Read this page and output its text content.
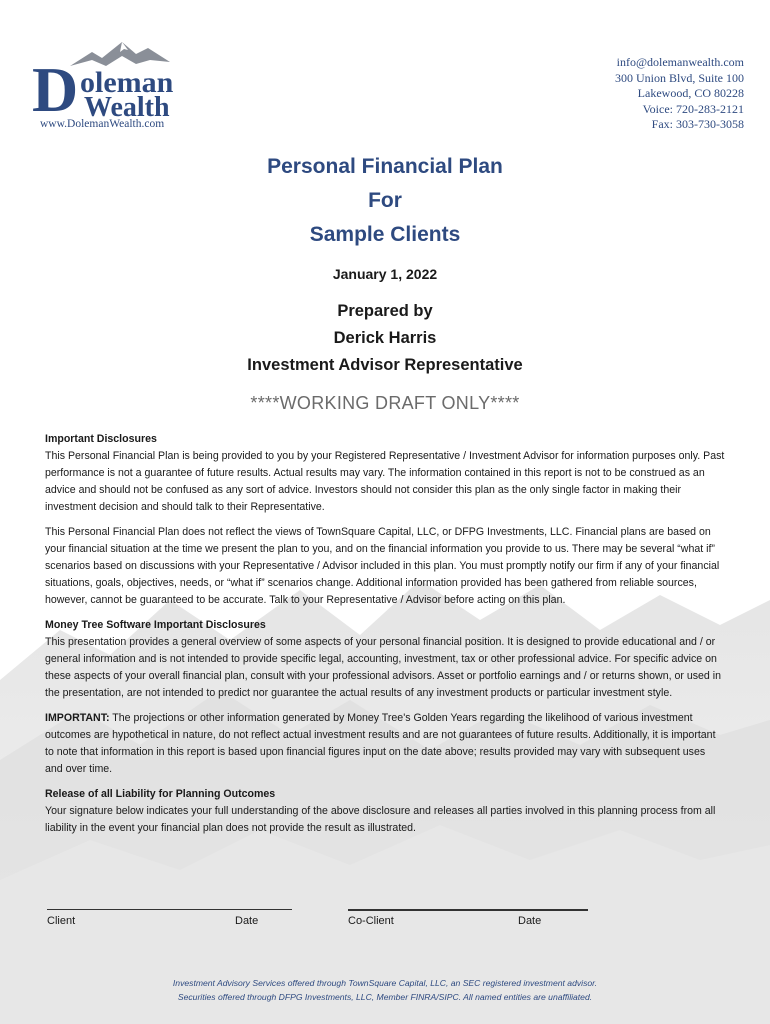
D oleman
Wealth
www.DolemanWealth.com
info@dolemanwealth.com
300 Union Blvd, Suite 100
Lakewood, CO 80228
Voice: 720-283-2121
Fax: 303-730-3058
Personal Financial Plan
For
Sample Clients
January 1, 2022
Prepared by
Derick Harris
Investment Advisor Representative
****WORKING DRAFT ONLY****

Important Disclosures

This Personal Financial Plan is being provided to you by your Registered Representative / Investment Advisor for information purposes only. Past performance is not a guarantee of future results. Actual results may vary. The information contained in this report is not to be construed as an advice and should not be confused as any sort of advice. Investors should not consider this plan as the only single factor in making their investment decision and should talk to their Representative.

This Personal Financial Plan does not reflect the views of TownSquare Capital, LLC, or DFPG Investments, LLC. Financial plans are based on your financial situation at the time we present the plan to you, and on the financial information you provide to us. There may be several “what if” scenarios based on discussions with your Representative / Advisor included in this plan. You must promptly notify our firm if any of your financial situations, goals, objectives, needs, or “what if” scenarios change. Additional information provided has been gathered from reliable sources, however, cannot be guaranteed to be accurate. Talk to your Representative / Advisor before acting on this plan.

Money Tree Software Important Disclosures

This presentation provides a general overview of some aspects of your personal financial position. It is designed to provide educational and / or general information and is not intended to provide specific legal, accounting, investment, tax or other professional advice. For specific advice on these aspects of your overall financial plan, consult with your professional advisors. Asset or portfolio earnings and / or returns shown, or used in the presentation, are not intended to predict nor guarantee the actual results of any investment products or particular investment style.

IMPORTANT: The projections or other information generated by Money Tree's Golden Years regarding the likelihood of various investment outcomes are hypothetical in nature, do not reflect actual investment results and are not guarantees of future results. Additionally, it is important to note that information in this report is based upon financial figures input on the date above; results provided may vary with subsequent uses and over time.

Release of all Liability for Planning Outcomes

Your signature below indicates your full understanding of the above disclosure and releases all parties involved in this planning process from all liability in the event your financial plan does not provide the result as illustrated.

Client	Date	Co-Client	Date
Investment Advisory Services offered through TownSquare Capital, LLC, an SEC registered investment advisor.
Securities offered through DFPG Investments, LLC, Member FINRA/SIPC. All named entities are unaffiliated.
